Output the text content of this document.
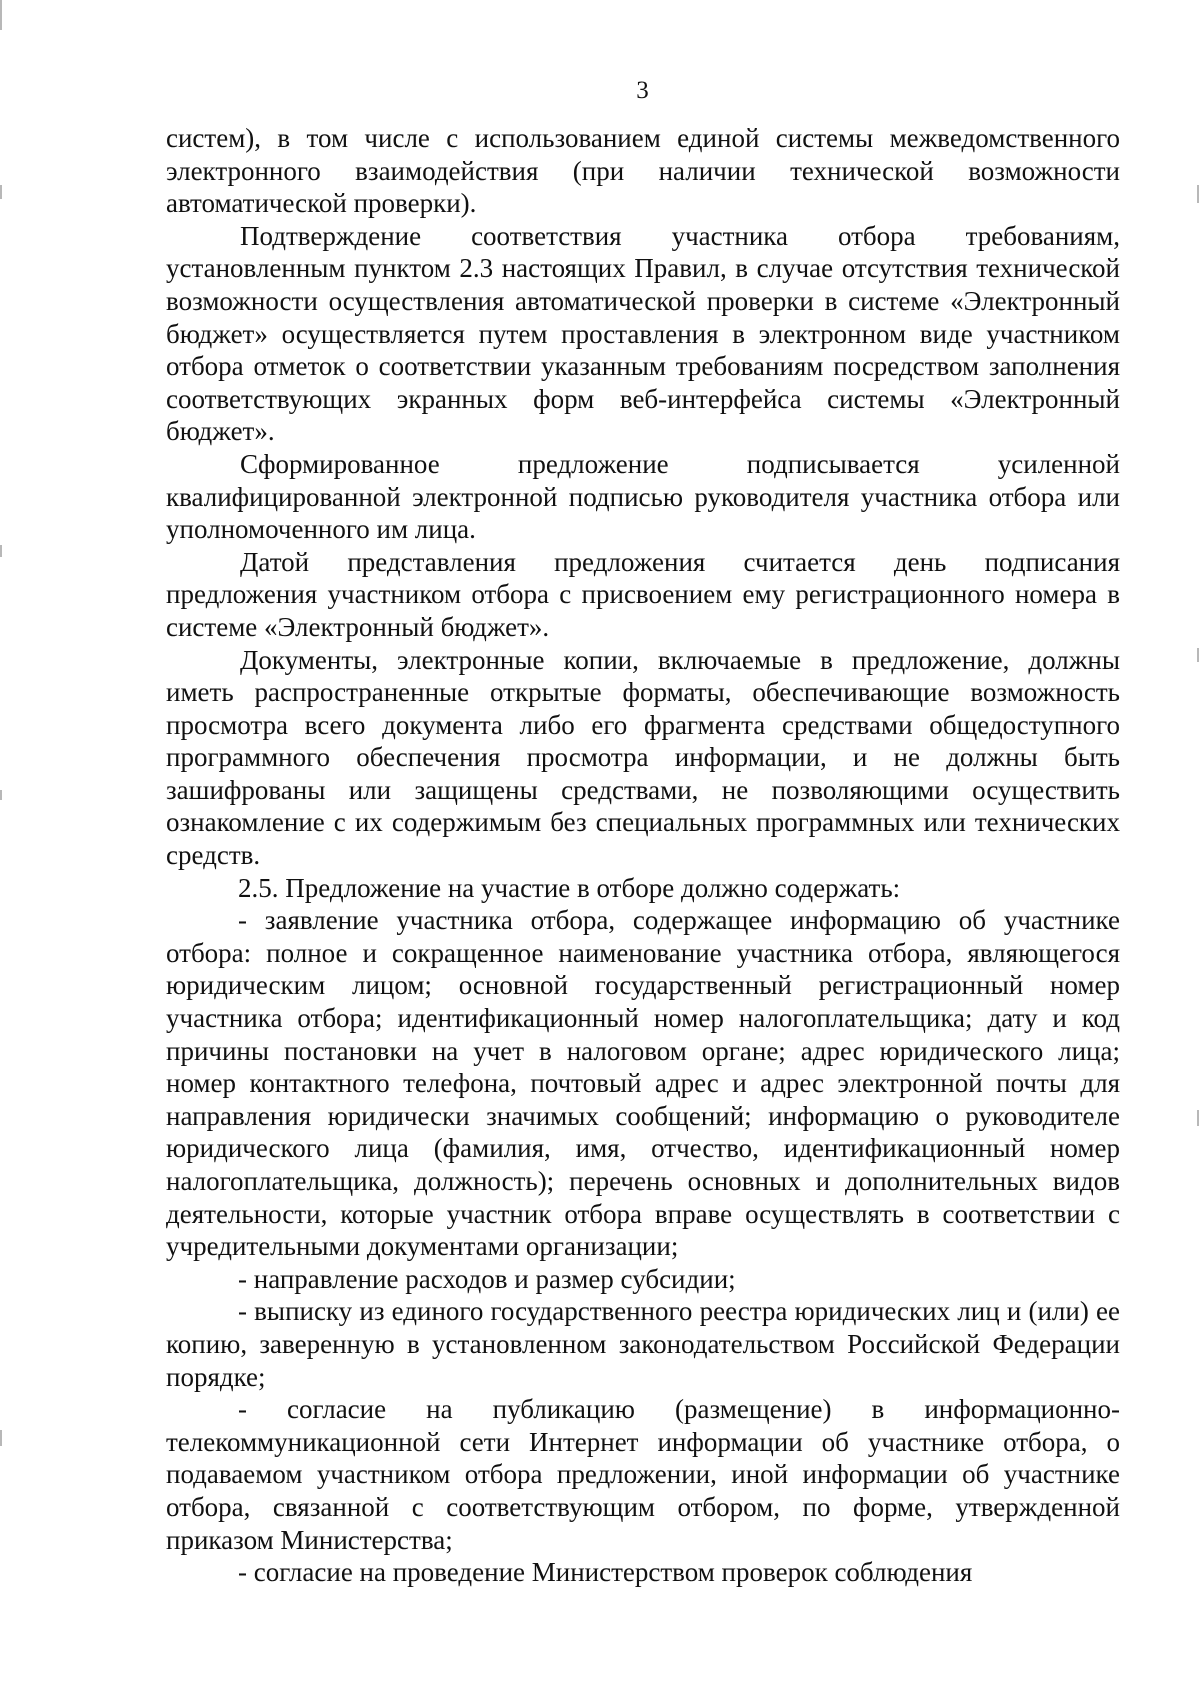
3

систем), в том числе с использованием единой системы межведомственного электронного взаимодействия (при наличии технической возможности автоматической проверки).

Подтверждение соответствия участника отбора требованиям, установленным пунктом 2.3 настоящих Правил, в случае отсутствия технической возможности осуществления автоматической проверки в системе «Электронный бюджет» осуществляется путем проставления в электронном виде участником отбора отметок о соответствии указанным требованиям посредством заполнения соответствующих экранных форм веб-интерфейса системы «Электронный бюджет».

Сформированное предложение подписывается усиленной квалифицированной электронной подписью руководителя участника отбора или уполномоченного им лица.

Датой представления предложения считается день подписания предложения участником отбора с присвоением ему регистрационного номера в системе «Электронный бюджет».

Документы, электронные копии, включаемые в предложение, должны иметь распространенные открытые форматы, обеспечивающие возможность просмотра всего документа либо его фрагмента средствами общедоступного программного обеспечения просмотра информации, и не должны быть зашифрованы или защищены средствами, не позволяющими осуществить ознакомление с их содержимым без специальных программных или технических средств.

2.5. Предложение на участие в отборе должно содержать:

- заявление участника отбора, содержащее информацию об участнике отбора: полное и сокращенное наименование участника отбора, являющегося юридическим лицом; основной государственный регистрационный номер участника отбора; идентификационный номер налогоплательщика; дату и код причины постановки на учет в налоговом органе; адрес юридического лица; номер контактного телефона, почтовый адрес и адрес электронной почты для направления юридически значимых сообщений; информацию о руководителе юридического лица (фамилия, имя, отчество, идентификационный номер налогоплательщика, должность); перечень основных и дополнительных видов деятельности, которые участник отбора вправе осуществлять в соответствии с учредительными документами организации;

- направление расходов и размер субсидии;

- выписку из единого государственного реестра юридических лиц и (или) ее копию, заверенную в установленном законодательством Российской Федерации порядке;

- согласие на публикацию (размещение) в информационно-телекоммуникационной сети Интернет информации об участнике отбора, о подаваемом участником отбора предложении, иной информации об участнике отбора, связанной с соответствующим отбором, по форме, утвержденной приказом Министерства;

- согласие на проведение Министерством проверок соблюдения
